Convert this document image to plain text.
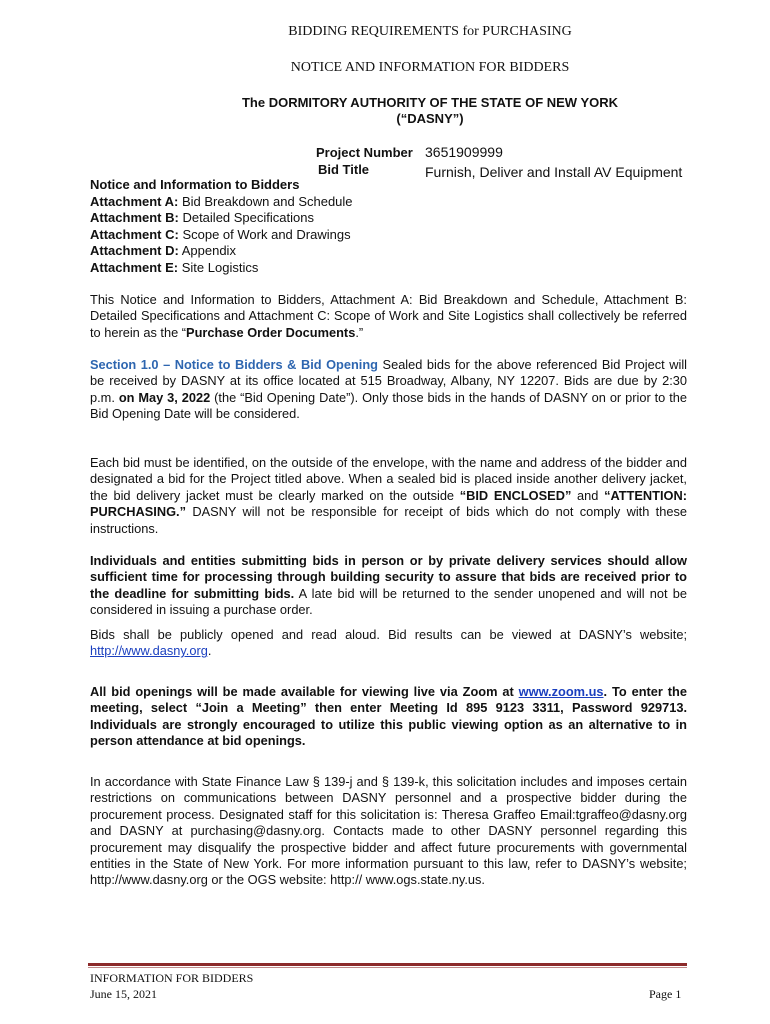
BIDDING REQUIREMENTS for PURCHASING
NOTICE AND INFORMATION FOR BIDDERS
The DORMITORY AUTHORITY OF THE STATE OF NEW YORK
(“DASNY”)
Project Number 3651909999
Bid Title	Furnish, Deliver and Install AV Equipment
Notice and Information to Bidders
Attachment A: Bid Breakdown and Schedule
Attachment B: Detailed Specifications
Attachment C: Scope of Work and Drawings
Attachment D: Appendix
Attachment E: Site Logistics
This Notice and Information to Bidders, Attachment A: Bid Breakdown and Schedule, Attachment B: Detailed Specifications and Attachment C: Scope of Work and Site Logistics shall collectively be referred to herein as the “Purchase Order Documents.”
Section 1.0 – Notice to Bidders & Bid Opening Sealed bids for the above referenced Bid Project will be received by DASNY at its office located at 515 Broadway, Albany, NY 12207. Bids are due by 2:30 p.m. on May 3, 2022 (the “Bid Opening Date”). Only those bids in the hands of DASNY on or prior to the Bid Opening Date will be considered.
Each bid must be identified, on the outside of the envelope, with the name and address of the bidder and designated a bid for the Project titled above. When a sealed bid is placed inside another delivery jacket, the bid delivery jacket must be clearly marked on the outside “BID ENCLOSED” and “ATTENTION: PURCHASING.” DASNY will not be responsible for receipt of bids which do not comply with these instructions.
Individuals and entities submitting bids in person or by private delivery services should allow sufficient time for processing through building security to assure that bids are received prior to the deadline for submitting bids. A late bid will be returned to the sender unopened and will not be considered in issuing a purchase order.
Bids shall be publicly opened and read aloud. Bid results can be viewed at DASNY’s website; http://www.dasny.org.
All bid openings will be made available for viewing live via Zoom at www.zoom.us. To enter the meeting, select “Join a Meeting” then enter Meeting Id 895 9123 3311, Password 929713. Individuals are strongly encouraged to utilize this public viewing option as an alternative to in person attendance at bid openings.
In accordance with State Finance Law § 139-j and § 139-k, this solicitation includes and imposes certain restrictions on communications between DASNY personnel and a prospective bidder during the procurement process. Designated staff for this solicitation is: Theresa Graffeo Email:tgraffeo@dasny.org and DASNY at purchasing@dasny.org. Contacts made to other DASNY personnel regarding this procurement may disqualify the prospective bidder and affect future procurements with governmental entities in the State of New York. For more information pursuant to this law, refer to DASNY’s website; http://www.dasny.org or the OGS website: http:// www.ogs.state.ny.us.
INFORMATION FOR BIDDERS
June 15, 2021	Page 1
